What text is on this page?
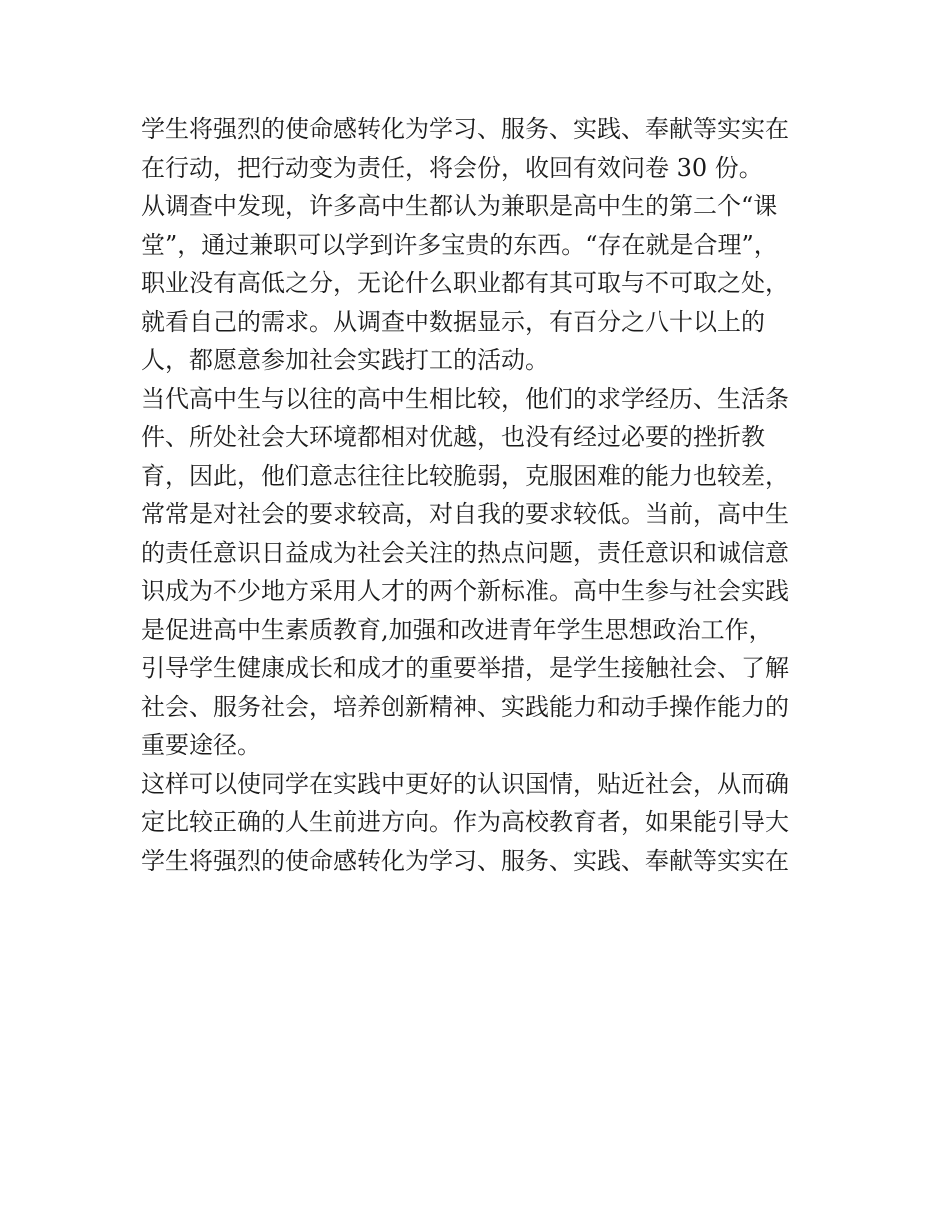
学生将强烈的使命感转化为学习、服务、实践、奉献等实实在
在行动，把行动变为责任，将会份，收回有效问卷 30 份。
从调查中发现，许多高中生都认为兼职是高中生的第二个“课
堂”，通过兼职可以学到许多宝贵的东西。“存在就是合理”，
职业没有高低之分，无论什么职业都有其可取与不可取之处，
就看自己的需求。从调查中数据显示，有百分之八十以上的
人，都愿意参加社会实践打工的活动。
当代高中生与以往的高中生相比较，他们的求学经历、生活条
件、所处社会大环境都相对优越，也没有经过必要的挫折教
育，因此，他们意志往往比较脆弱，克服困难的能力也较差，
常常是对社会的要求较高，对自我的要求较低。当前，高中生
的责任意识日益成为社会关注的热点问题，责任意识和诚信意
识成为不少地方采用人才的两个新标准。高中生参与社会实践
是促进高中生素质教育,加强和改进青年学生思想政治工作，
引导学生健康成长和成才的重要举措，是学生接触社会、了解
社会、服务社会，培养创新精神、实践能力和动手操作能力的
重要途径。
这样可以使同学在实践中更好的认识国情，贴近社会，从而确
定比较正确的人生前进方向。作为高校教育者，如果能引导大
学生将强烈的使命感转化为学习、服务、实践、奉献等实实在
